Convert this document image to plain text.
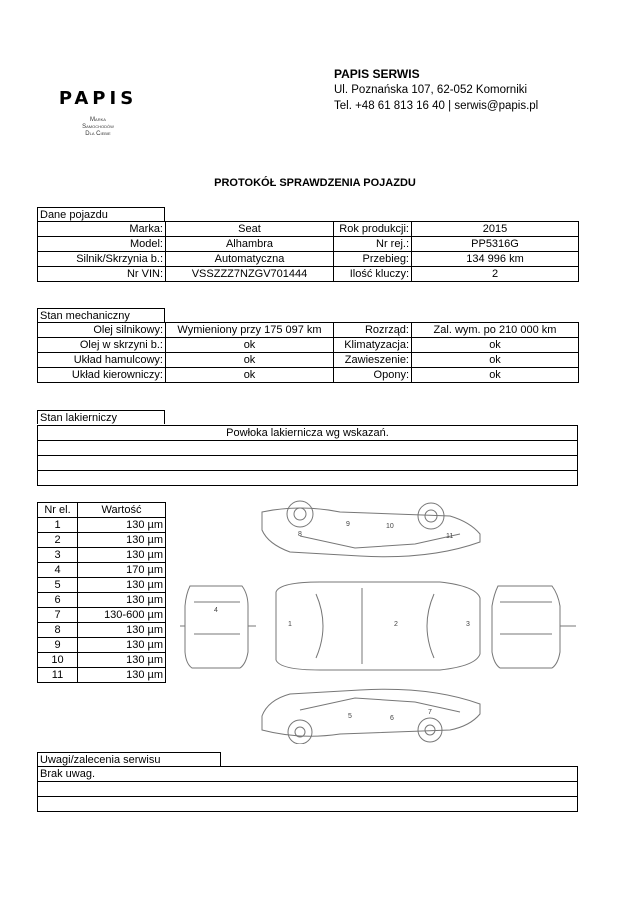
PAPIS
Marka
Samochodów
Dla Ciebie
PAPIS SERWIS
Ul. Poznańska 107, 62-052 Komorniki
Tel. +48 61 813 16 40 | serwis@papis.pl
PROTOKÓŁ SPRAWDZENIA POJAZDU
Dane pojazdu
Marka:	Seat	Rok produkcji:	2015
Model:	Alhambra	Nr rej.:	PP5316G
Silnik/Skrzynia b.:	Automatyczna	Przebieg:	134 996 km
Nr VIN:	VSSZZZ7NZGV701444	Ilość kluczy:	2
Stan mechaniczny
Olej silnikowy:	Wymieniony przy 175 097 km	Rozrząd:	Zal. wym. po 210 000 km
Olej w skrzyni b.:	ok	Klimatyzacja:	ok
Układ hamulcowy:	ok	Zawieszenie:	ok
Układ kierowniczy:	ok	Opony:	ok
Stan lakierniczy
Powłoka lakiernicza wg wskazań.

Nr el.	Wartość
1	130 µm
2	130 µm
3	130 µm
4	170 µm
5	130 µm
6	130 µm
7	130-600 µm
8	130 µm
9	130 µm
10	130 µm
11	130 µm
1	2	3
4
5	6
7
8
9	10
11
Uwagi/zalecenia serwisu
Brak uwag.
